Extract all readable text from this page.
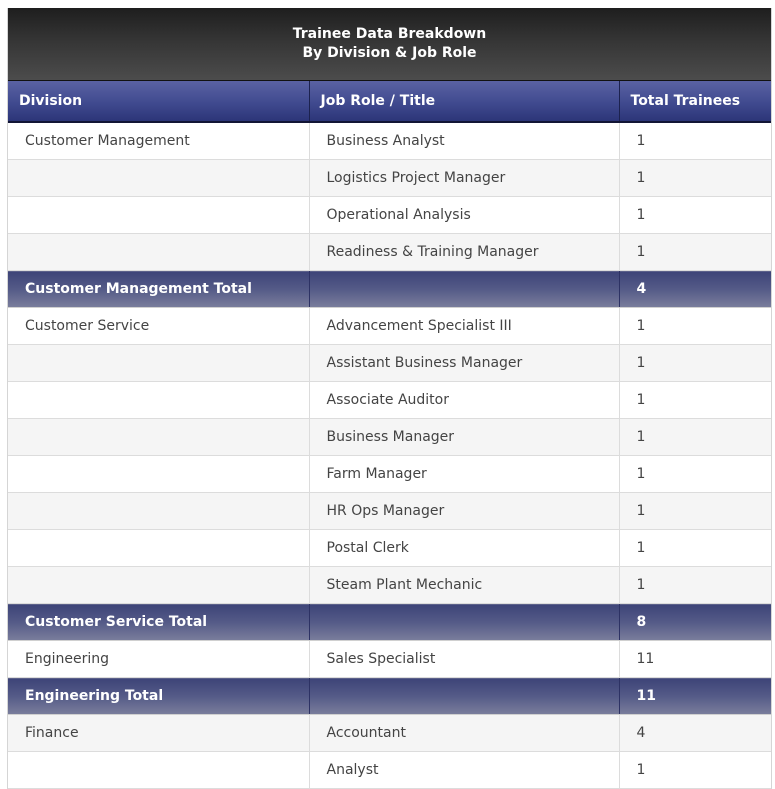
Trainee Data Breakdown
By Division & Job Role
Division	Job Role / Title	Total Trainees
Customer Management	Business Analyst	1
	Logistics Project Manager	1
	Operational Analysis	1
	Readiness & Training Manager	1
Customer Management Total		4
Customer Service	Advancement Specialist III	1
	Assistant Business Manager	1
	Associate Auditor	1
	Business Manager	1
	Farm Manager	1
	HR Ops Manager	1
	Postal Clerk	1
	Steam Plant Mechanic	1
Customer Service Total		8
Engineering	Sales Specialist	11
Engineering Total		11
Finance	Accountant	4
	Analyst	1
